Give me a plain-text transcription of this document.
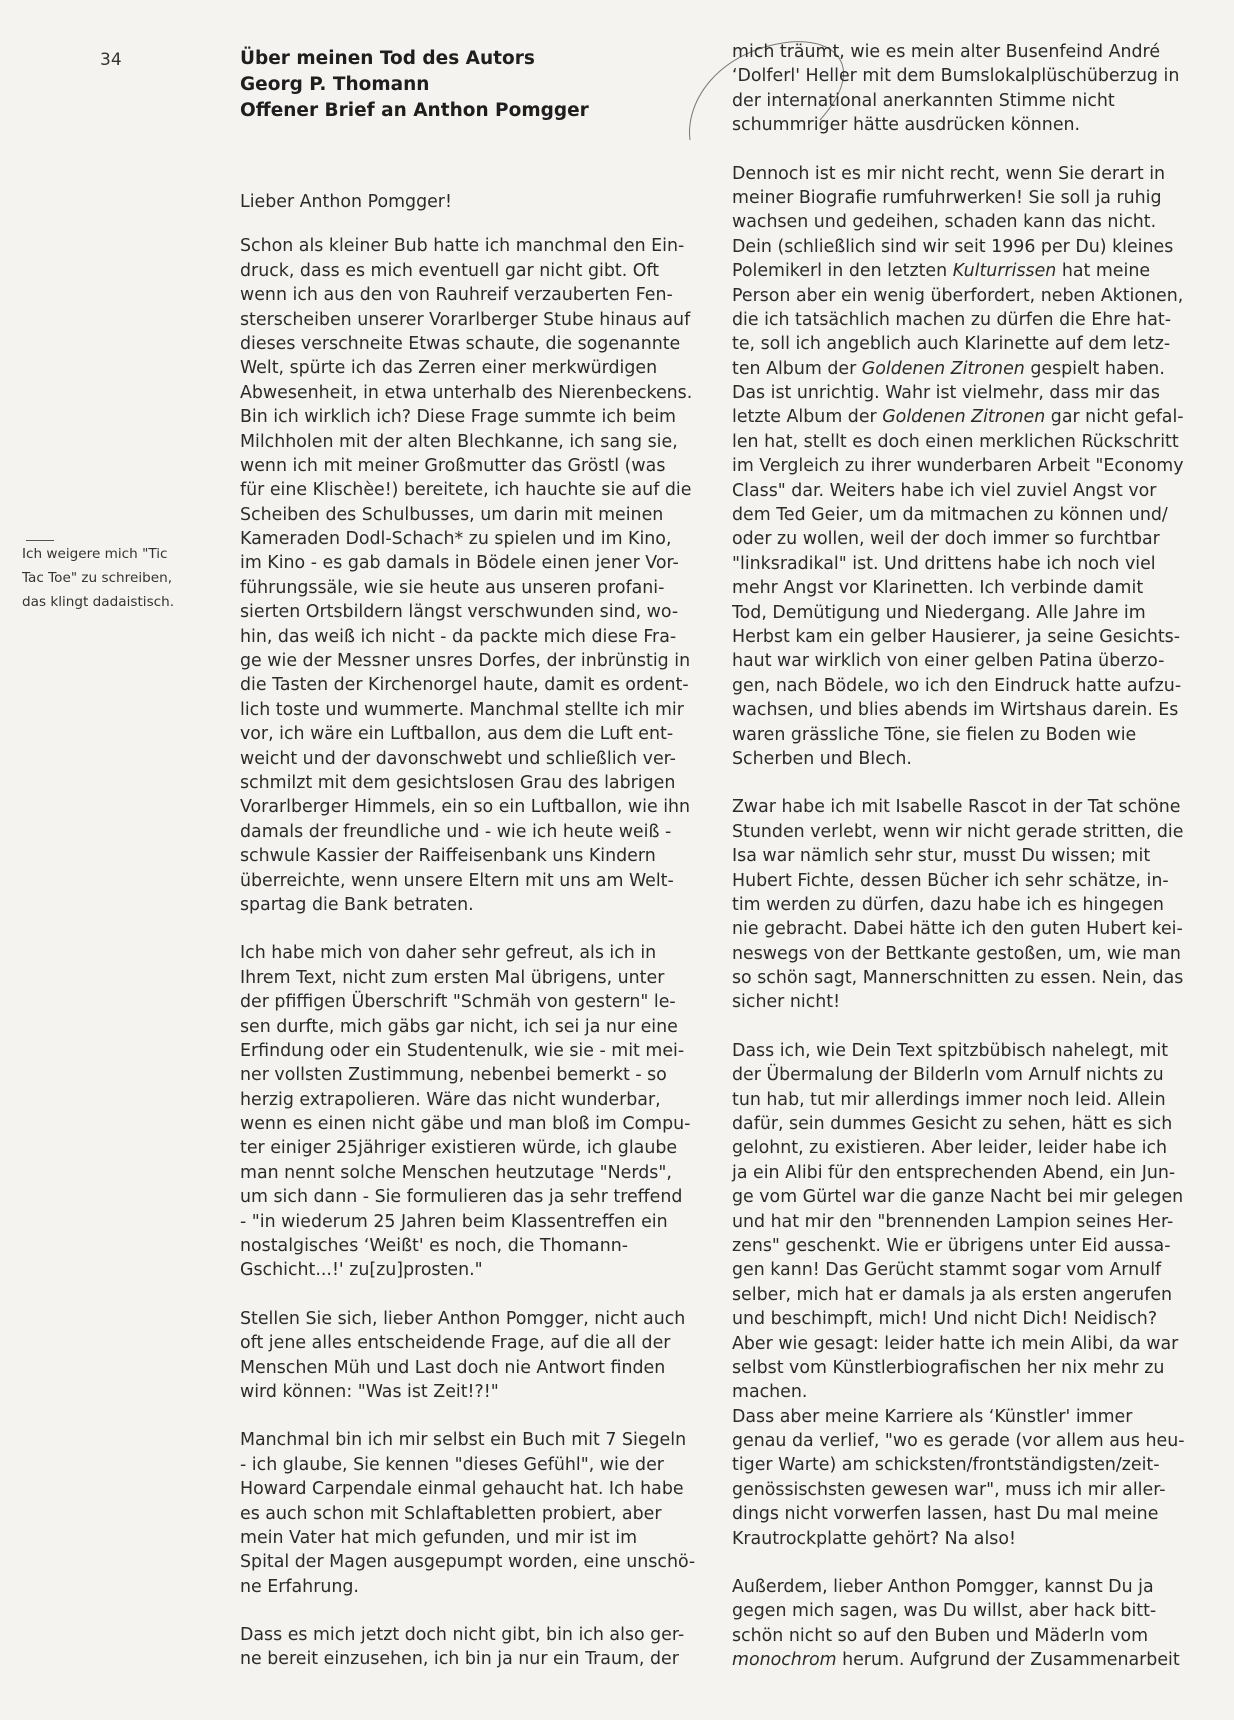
34	Über meinen Tod des Autors
Georg P. Thomann
Offener Brief an Anthon Pomgger
Ich weigere mich "Tic
Tac Toe" zu schreiben,
das klingt dadaistisch.
Lieber Anthon Pomgger!
Schon als kleiner Bub hatte ich manchmal den Ein-
druck, dass es mich eventuell gar nicht gibt. Oft
wenn ich aus den von Rauhreif verzauberten Fen-
sterscheiben unserer Vorarlberger Stube hinaus auf
dieses verschneite Etwas schaute, die sogenannte
Welt, spürte ich das Zerren einer merkwürdigen
Abwesenheit, in etwa unterhalb des Nierenbeckens.
Bin ich wirklich ich? Diese Frage summte ich beim
Milchholen mit der alten Blechkanne, ich sang sie,
wenn ich mit meiner Großmutter das Gröstl (was
für eine Klischèe!) bereitete, ich hauchte sie auf die
Scheiben des Schulbusses, um darin mit meinen
Kameraden Dodl-Schach* zu spielen und im Kino,
im Kino - es gab damals in Bödele einen jener Vor-
führungssäle, wie sie heute aus unseren profani-
sierten Ortsbildern längst verschwunden sind, wo-
hin, das weiß ich nicht - da packte mich diese Fra-
ge wie der Messner unsres Dorfes, der inbrünstig in
die Tasten der Kirchenorgel haute, damit es ordent-
lich toste und wummerte. Manchmal stellte ich mir
vor, ich wäre ein Luftballon, aus dem die Luft ent-
weicht und der davonschwebt und schließlich ver-
schmilzt mit dem gesichtslosen Grau des labrigen
Vorarlberger Himmels, ein so ein Luftballon, wie ihn
damals der freundliche und - wie ich heute weiß -
schwule Kassier der Raiffeisenbank uns Kindern
überreichte, wenn unsere Eltern mit uns am Welt-
spartag die Bank betraten.
Ich habe mich von daher sehr gefreut, als ich in
Ihrem Text, nicht zum ersten Mal übrigens, unter
der pfiffigen Überschrift "Schmäh von gestern" le-
sen durfte, mich gäbs gar nicht, ich sei ja nur eine
Erfindung oder ein Studentenulk, wie sie - mit mei-
ner vollsten Zustimmung, nebenbei bemerkt - so
herzig extrapolieren. Wäre das nicht wunderbar,
wenn es einen nicht gäbe und man bloß im Compu-
ter einiger 25jähriger existieren würde, ich glaube
man nennt solche Menschen heutzutage "Nerds",
um sich dann - Sie formulieren das ja sehr treffend
- "in wiederum 25 Jahren beim Klassentreffen ein
nostalgisches ‘Weißt' es noch, die Thomann-
Gschicht...!' zu[zu]prosten."
Stellen Sie sich, lieber Anthon Pomgger, nicht auch
oft jene alles entscheidende Frage, auf die all der
Menschen Müh und Last doch nie Antwort finden
wird können: "Was ist Zeit!?!"
Manchmal bin ich mir selbst ein Buch mit 7 Siegeln
- ich glaube, Sie kennen "dieses Gefühl", wie der
Howard Carpendale einmal gehaucht hat. Ich habe
es auch schon mit Schlaftabletten probiert, aber
mein Vater hat mich gefunden, und mir ist im
Spital der Magen ausgepumpt worden, eine unschö-
ne Erfahrung.
Dass es mich jetzt doch nicht gibt, bin ich also ger-
ne bereit einzusehen, ich bin ja nur ein Traum, der
mich träumt, wie es mein alter Busenfeind André
‘Dolferl' Heller mit dem Bumslokalplüschüberzug in
der international anerkannten Stimme nicht
schummriger hätte ausdrücken können.
Dennoch ist es mir nicht recht, wenn Sie derart in
meiner Biografie rumfuhrwerken! Sie soll ja ruhig
wachsen und gedeihen, schaden kann das nicht.
Dein (schließlich sind wir seit 1996 per Du) kleines
Polemikerl in den letzten Kulturrissen hat meine
Person aber ein wenig überfordert, neben Aktionen,
die ich tatsächlich machen zu dürfen die Ehre hat-
te, soll ich angeblich auch Klarinette auf dem letz-
ten Album der Goldenen Zitronen gespielt haben.
Das ist unrichtig. Wahr ist vielmehr, dass mir das
letzte Album der Goldenen Zitronen gar nicht gefal-
len hat, stellt es doch einen merklichen Rückschritt
im Vergleich zu ihrer wunderbaren Arbeit "Economy
Class" dar. Weiters habe ich viel zuviel Angst vor
dem Ted Geier, um da mitmachen zu können und/
oder zu wollen, weil der doch immer so furchtbar
"linksradikal" ist. Und drittens habe ich noch viel
mehr Angst vor Klarinetten. Ich verbinde damit
Tod, Demütigung und Niedergang. Alle Jahre im
Herbst kam ein gelber Hausierer, ja seine Gesichts-
haut war wirklich von einer gelben Patina überzo-
gen, nach Bödele, wo ich den Eindruck hatte aufzu-
wachsen, und blies abends im Wirtshaus darein. Es
waren grässliche Töne, sie fielen zu Boden wie
Scherben und Blech.
Zwar habe ich mit Isabelle Rascot in der Tat schöne
Stunden verlebt, wenn wir nicht gerade stritten, die
Isa war nämlich sehr stur, musst Du wissen; mit
Hubert Fichte, dessen Bücher ich sehr schätze, in-
tim werden zu dürfen, dazu habe ich es hingegen
nie gebracht. Dabei hätte ich den guten Hubert kei-
neswegs von der Bettkante gestoßen, um, wie man
so schön sagt, Mannerschnitten zu essen. Nein, das
sicher nicht!
Dass ich, wie Dein Text spitzbübisch nahelegt, mit
der Übermalung der Bilderln vom Arnulf nichts zu
tun hab, tut mir allerdings immer noch leid. Allein
dafür, sein dummes Gesicht zu sehen, hätt es sich
gelohnt, zu existieren. Aber leider, leider habe ich
ja ein Alibi für den entsprechenden Abend, ein Jun-
ge vom Gürtel war die ganze Nacht bei mir gelegen
und hat mir den "brennenden Lampion seines Her-
zens" geschenkt. Wie er übrigens unter Eid aussa-
gen kann! Das Gerücht stammt sogar vom Arnulf
selber, mich hat er damals ja als ersten angerufen
und beschimpft, mich! Und nicht Dich! Neidisch?
Aber wie gesagt: leider hatte ich mein Alibi, da war
selbst vom Künstlerbiografischen her nix mehr zu
machen.
Dass aber meine Karriere als ‘Künstler' immer
genau da verlief, "wo es gerade (vor allem aus heu-
tiger Warte) am schicksten/frontständigsten/zeit-
genössischsten gewesen war", muss ich mir aller-
dings nicht vorwerfen lassen, hast Du mal meine
Krautrockplatte gehört? Na also!
Außerdem, lieber Anthon Pomgger, kannst Du ja
gegen mich sagen, was Du willst, aber hack bitt-
schön nicht so auf den Buben und Mäderln vom
monochrom herum. Aufgrund der Zusammenarbeit
